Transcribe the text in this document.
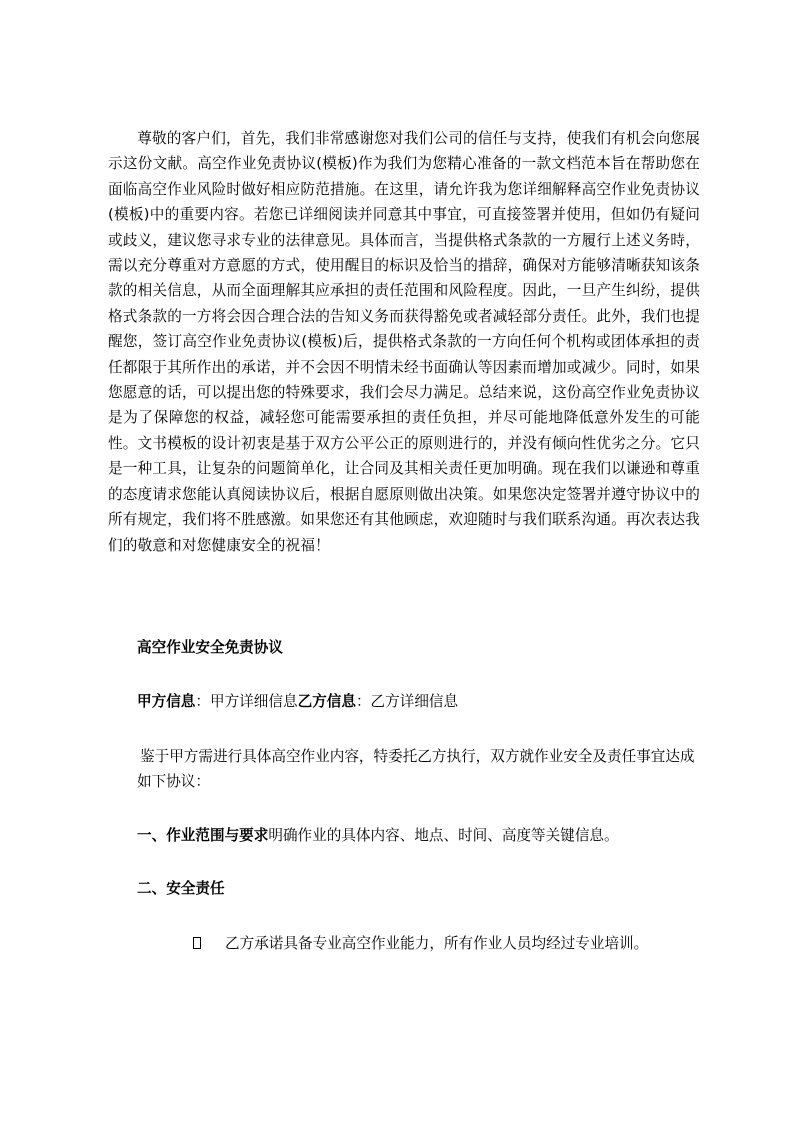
尊敬的客户们，首先，我们非常感谢您对我们公司的信任与支持，使我们有机会向您展示这份文献。高空作业免责协议(模板)作为我们为您精心准备的一款文档范本旨在帮助您在面临高空作业风险时做好相应防范措施。在这里，请允许我为您详细解释高空作业免责协议(模板)中的重要内容。若您已详细阅读并同意其中事宜，可直接签署并使用，但如仍有疑问或歧义，建议您寻求专业的法律意见。具体而言，当提供格式条款的一方履行上述义务時，需以充分尊重对方意愿的方式，使用醒目的标识及恰当的措辞，确保对方能够清晰获知该条款的相关信息，从而全面理解其应承担的责任范围和风险程度。因此，一旦产生纠纷，提供格式条款的一方将会因合理合法的告知义务而获得豁免或者减轻部分责任。此外，我们也提醒您，签订高空作业免责协议(模板)后，提供格式条款的一方向任何个机构或团体承担的责任都限于其所作出的承诺，并不会因不明情未经书面确认等因素而增加或减少。同时，如果您愿意的话，可以提出您的特殊要求，我们会尽力满足。总结来说，这份高空作业免责协议是为了保障您的权益，减轻您可能需要承担的责任负担，并尽可能地降低意外发生的可能性。文书模板的设计初衷是基于双方公平公正的原则进行的，并没有倾向性优劣之分。它只是一种工具，让复杂的问题简单化，让合同及其相关责任更加明确。现在我们以谦逊和尊重的态度请求您能认真阅读协议后，根据自愿原则做出决策。如果您决定签署并遵守协议中的所有规定，我们将不胜感激。如果您还有其他顾虑，欢迎随时与我们联系沟通。再次表达我们的敬意和对您健康安全的祝福！

高空作业安全免责协议

甲方信息：甲方详细信息乙方信息：乙方详细信息

鉴于甲方需进行具体高空作业内容，特委托乙方执行，双方就作业安全及责任事宜达成如下协议：

一、作业范围与要求明确作业的具体内容、地点、时间、高度等关键信息。

二、安全责任

乙方承诺具备专业高空作业能力，所有作业人员均经过专业培训。
